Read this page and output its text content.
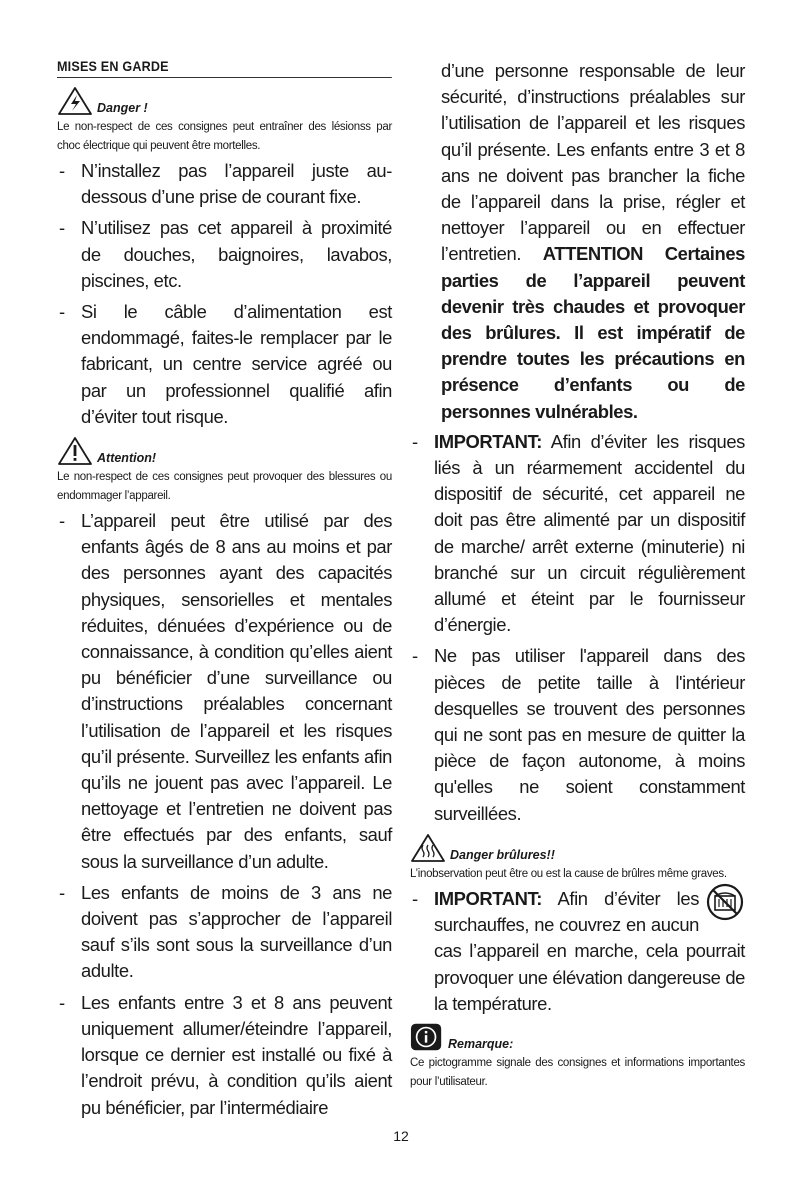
MISES EN GARDE
Danger !

Le non-respect de ces consignes peut entraîner des lésionss par choc électrique qui peuvent être mortelles.

- N’installez pas l’appareil juste au-dessous d’une prise de courant fixe.
- N’utilisez pas cet appareil à proximité de douches, baignoires, lavabos, piscines, etc.
- Si le câble d’alimentation est endommagé, faites-le remplacer par le fabricant, un centre service agréé ou par un professionnel qualifié afin d’éviter tout risque.
Attention!

Le non-respect de ces consignes peut provoquer des blessures ou endommager l’appareil.

- L’appareil peut être utilisé par des enfants âgés de 8 ans au moins et par des personnes ayant des capacités physiques, sensorielles et mentales réduites, dénuées d’expérience ou de connaissance, à condition qu’elles aient pu bénéficier d’une surveillance ou d’instructions préalables concernant l’utilisation de l’appareil et les risques qu’il présente. Surveillez les enfants afin qu’ils ne jouent pas avec l’appareil. Le nettoyage et l’entretien ne doivent pas être effectués par des enfants, sauf sous la surveillance d’un adulte.
- Les enfants de moins de 3 ans ne doivent pas s’approcher de l’appareil sauf s’ils sont sous la surveillance d’un adulte.
- Les enfants entre 3 et 8 ans peuvent uniquement allumer/éteindre l’appareil, lorsque ce dernier est installé ou fixé à l’endroit prévu, à condition qu’ils aient pu bénéficier, par l’intermédiaire

d’une personne responsable de leur sécurité, d’instructions préalables sur l’utilisation de l’appareil et les risques qu’il présente. Les enfants entre 3 et 8 ans ne doivent pas brancher la fiche de l’appareil dans la prise, régler et nettoyer l’appareil ou en effectuer l’entretien. ATTENTION Certaines parties de l’appareil peuvent devenir très chaudes et provoquer des brûlures. Il est impératif de prendre toutes les précautions en présence d’enfants ou de personnes vulnérables.

- IMPORTANT: Afin d’éviter les risques liés à un réarmement accidentel du dispositif de sécurité, cet appareil ne doit pas être alimenté par un dispositif de marche/ arrêt externe (minuterie) ni branché sur un circuit régulièrement allumé et éteint par le fournisseur d’énergie.
- Ne pas utiliser l'appareil dans des pièces de petite taille à l'intérieur desquelles se trouvent des personnes qui ne sont pas en mesure de quitter la pièce de façon autonome, à moins qu'elles ne soient constamment surveillées.
Danger brûlures!!

L’inobservation peut être ou est la cause de brûlres même graves.

- IMPORTANT: Afin d’éviter les surchauffes, ne couvrez en aucun cas l’appareil en marche, cela pourrait provoquer une élévation dangereuse de la température.
Remarque:

Ce pictogramme signale des consignes et informations importantes pour l’utilisateur.

12
